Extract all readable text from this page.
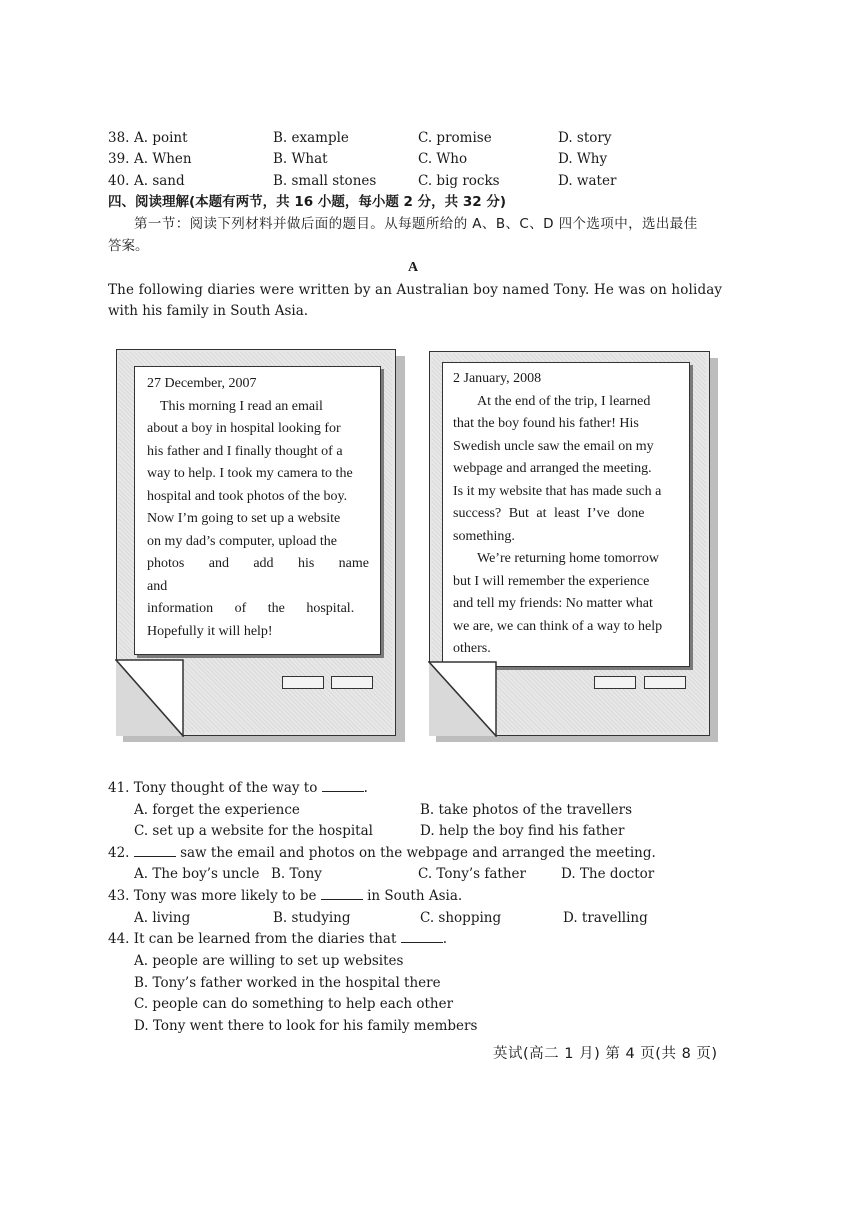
38. A. point	B. example	C. promise	D. story
39. A. When	B. What	C. Who	D. Why
40. A. sand	B. small stones	C. big rocks	D. water
四、阅读理解(本题有两节，共 16 小题，每小题 2 分，共 32 分)
第一节：阅读下列材料并做后面的题目。从每题所给的 A、B、C、D 四个选项中，选出最佳
答案。
A
The following diaries were written by an Australian boy named Tony. He was on holiday
with his family in South Asia.
27 December, 2007
This morning I read an email
about a boy in hospital looking for
his father and I finally thought of a
way to help. I took my camera to the
hospital and took photos of the boy.
Now I’m going to set up a website
on my dad’s computer, upload the
photos and add his name and
information of the hospital.
Hopefully it will help!
2 January, 2008
At the end of the trip, I learned
that the boy found his father! His
Swedish uncle saw the email on my
webpage and arranged the meeting.
Is it my website that has made such a
success? But at least I’ve done
something.
We’re returning home tomorrow
but I will remember the experience
and tell my friends: No matter what
we are, we can think of a way to help
others.
41. Tony thought of the way to	.
A. forget the experience	B. take photos of the travellers
C. set up a website for the hospital	D. help the boy find his father
42.	saw the email and photos on the webpage and arranged the meeting.
A. The boy’s uncle B. Tony	C. Tony’s father	D. The doctor
43. Tony was more likely to be	in South Asia.
A. living	B. studying	C. shopping	D. travelling
44. It can be learned from the diaries that	.
A. people are willing to set up websites
B. Tony’s father worked in the hospital there
C. people can do something to help each other
D. Tony went there to look for his family members
英试(高二 1 月) 第 4 页(共 8 页)
